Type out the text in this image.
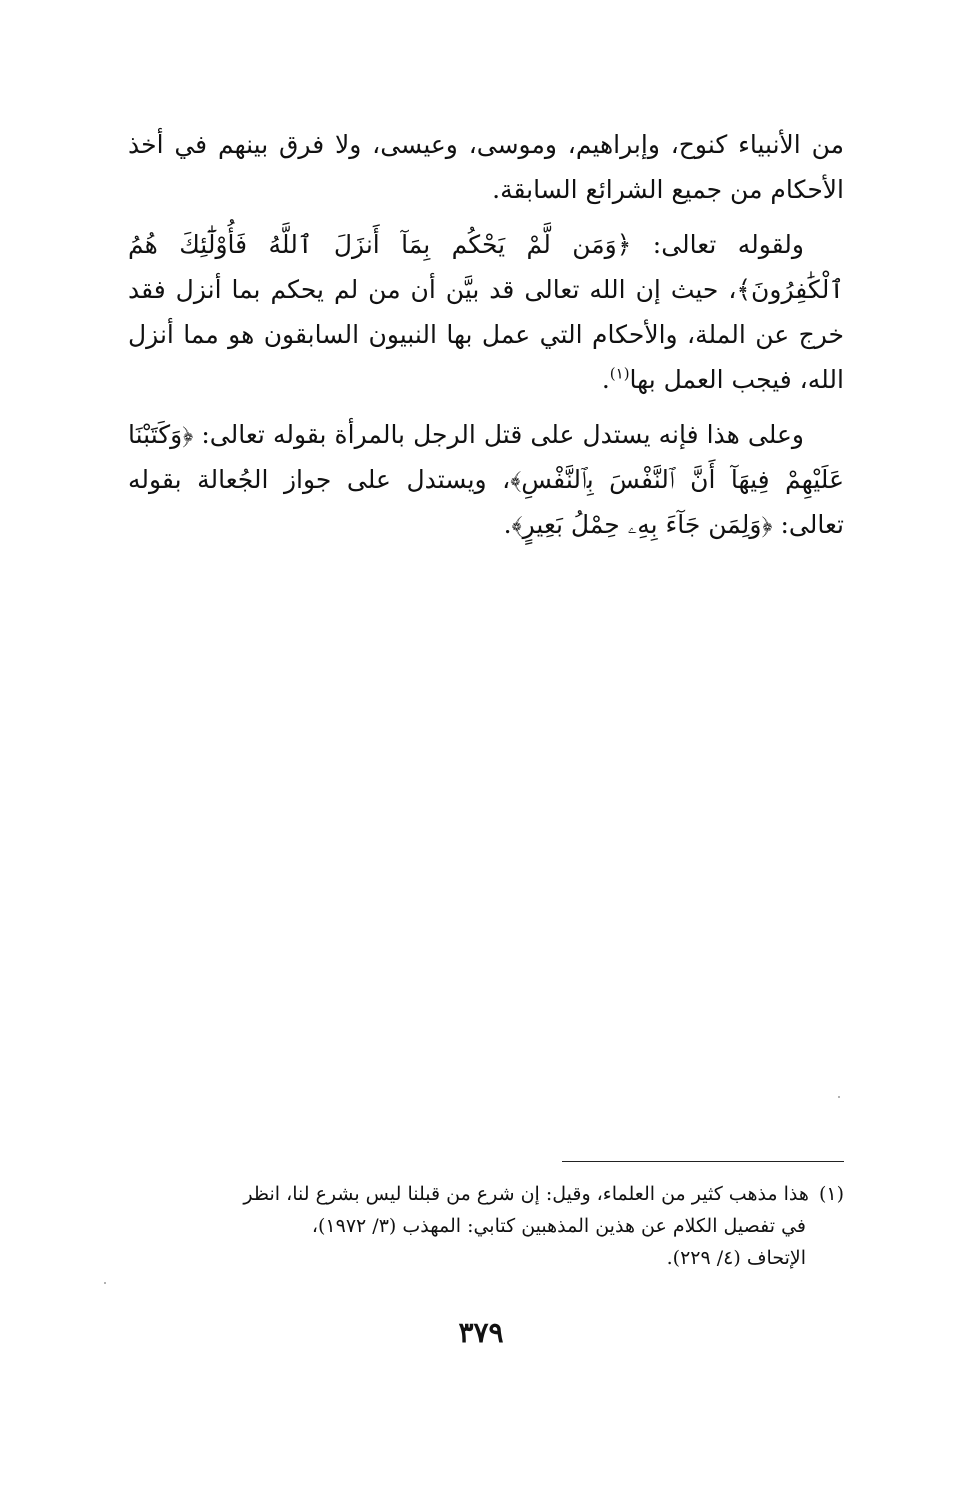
من الأنبياء كنوح، وإبراهيم، وموسى، وعيسى، ولا فرق بينهم في أخذ الأحكام من جميع الشرائع السابقة.

ولقوله تعالى: ﴿وَمَن لَّمْ يَحْكُم بِمَآ أَنزَلَ ٱللَّهُ فَأُوْلَٰٓئِكَ هُمُ ٱلْكَٰفِرُونَ﴾، حيث إن الله تعالى قد بيَّن أن من لم يحكم بما أنزل فقد خرج عن الملة، والأحكام التي عمل بها النبيون السابقون هو مما أنزل الله، فيجب العمل بها$^{(١)}$.

وعلى هذا فإنه يستدل على قتل الرجل بالمرأة بقوله تعالى: ﴿وَكَتَبْنَا عَلَيْهِمْ فِيهَآ أَنَّ ٱلنَّفْسَ بِٱلنَّفْسِ﴾، ويستدل على جواز الجُعالة بقوله تعالى: ﴿وَلِمَن جَآءَ بِهِۦ حِمْلُ بَعِيرٍ﴾.

(١)هذا مذهب كثير من العلماء، وقيل: إن شرع من قبلنا ليس بشرع لنا، انظر
في تفصيل الكلام عن هذين المذهبين كتابي: المهذب (٣/ ١٩٧٢)،
الإتحاف (٤/ ٢٢٩).
٣٧٩
